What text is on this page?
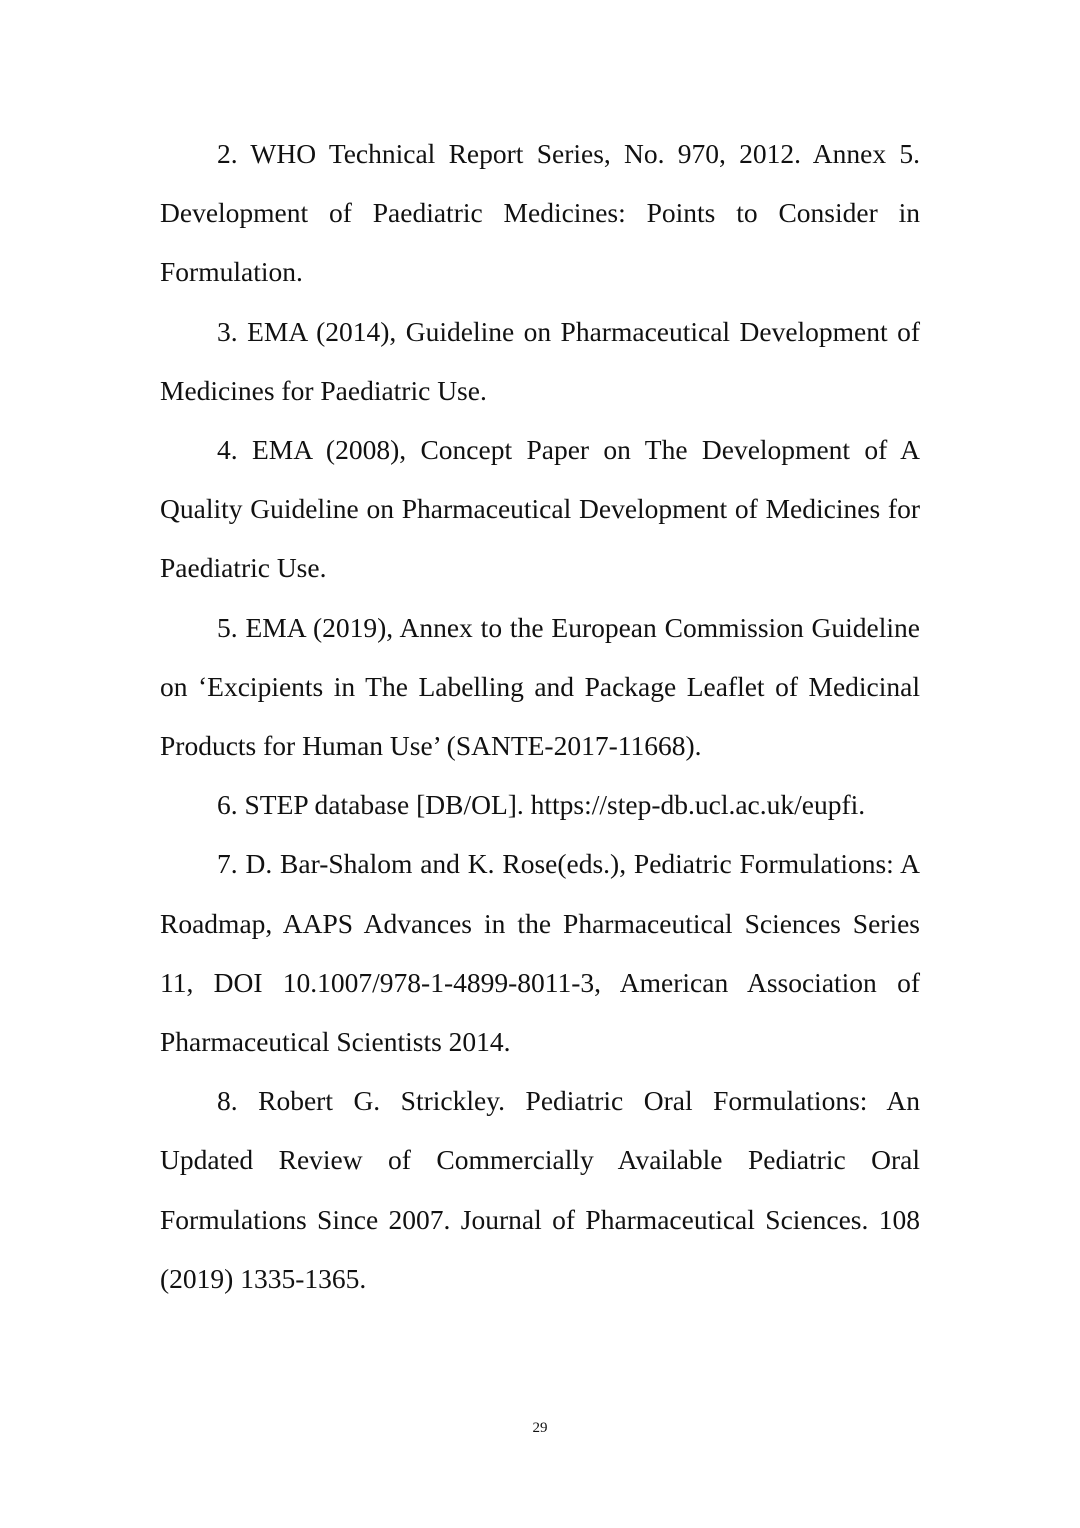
2. WHO Technical Report Series, No. 970, 2012. Annex 5. Development of Paediatric Medicines: Points to Consider in Formulation.

3. EMA (2014), Guideline on Pharmaceutical Development of Medicines for Paediatric Use.

4. EMA (2008), Concept Paper on The Development of A Quality Guideline on Pharmaceutical Development of Medicines for Paediatric Use.

5. EMA (2019), Annex to the European Commission Guideline on ‘Excipients in The Labelling and Package Leaflet of Medicinal Products for Human Use’ (SANTE-2017-11668).

6. STEP database [DB/OL]. https://step-db.ucl.ac.uk/eupfi.

7. D. Bar-Shalom and K. Rose(eds.), Pediatric Formulations: A Roadmap, AAPS Advances in the Pharmaceutical Sciences Series 11, DOI 10.1007/978-1-4899-8011-3, American Association of Pharmaceutical Scientists 2014.

8. Robert G. Strickley. Pediatric Oral Formulations: An Updated Review of Commercially Available Pediatric Oral Formulations Since 2007. Journal of Pharmaceutical Sciences. 108 (2019) 1335-1365.

29
